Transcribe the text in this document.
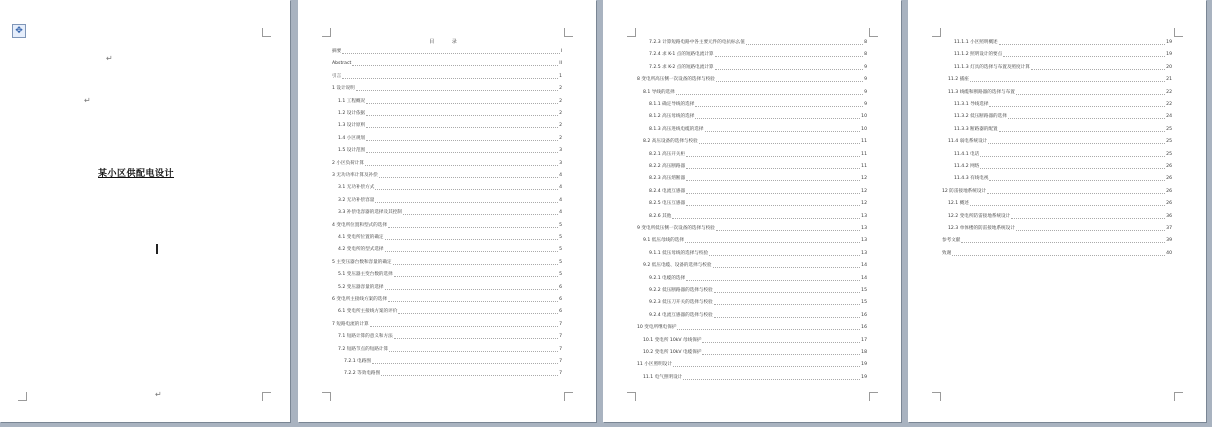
✥
↵
↵
↵
某小区供配电设计
目 录
摘要	I
Abstract	II
引言	1
1 设计说明	2
1.1 工程概况	2
1.2 设计依据	2
1.3 设计原则	2
1.4 小区规划	2
1.5 设计范围	3
2 小区负荷计算	3
3 无功功率计算及补偿	4
3.1 无功补偿方式	4
3.2 无功补偿容量	4
3.3 补偿电容器的选择及其控制	4
4 变电所位置和型式的选择	5
4.1 变电所位置的确定	5
4.2 变电所的型式选择	5
5 主变压器台数和容量的确定	5
5.1 变压器主变台数的选择	5
5.2 变压器容量的选择	6
6 变电所主接线方案的选择	6
6.1 变电所主接线方案的评价	6
7 短路电流的计算	7
7.1 短路计算的意义和方法	7
7.2 短路节点的短路计算	7
7.2.1 电路图	7
7.2.2 等效电路图	7
7.2.3 计算短路电路中各主要元件的电抗标幺值	8
7.2.4 求 K-1 点的短路电流计算	8
7.2.5 求 K-2 点的短路电流计算	9
8 变电所高压侧一次设备的选择与校验	9
8.1 导线的选择	9
8.1.1 确定导线的选择	9
8.1.2 高压母线的选择	10
8.1.3 高压进线电缆的选择	10
8.2 高压设备的选择与校验	11
8.2.1 高压开关柜	11
8.2.2 高压断路器	11
8.2.3 高压熔断器	12
8.2.4 电流互感器	12
8.2.5 电压互感器	12
8.2.6 其他	13
9 变电所低压侧一次设备的选择与校验	13
9.1 低压母线的选择	13
9.1.1 低压母线的选择与校验	13
9.2 低压电缆、设备的选择与校验	14
9.2.1 电缆的选择	14
9.2.2 低压断路器的选择与校验	15
9.2.3 低压刀开关的选择与校验	15
9.2.4 电流互感器的选择与校验	16
10 变电所继电保护	16
10.1 变电所 10kV 母线保护	17
10.2 变电所 10kV 电缆保护	18
11 小区照明设计	19
11.1 电气照明设计	19
11.1.1 小区照明概述	19
11.1.2 照明设计的要点	19
11.1.3 灯具的选择与布置及照度计算	20
11.2 插座	21
11.3 线缆和断路器的选择与布置	22
11.3.1 导线选择	22
11.3.2 低压断路器的选择	24
11.3.3 断路器的配置	25
11.4 弱电系统设计	25
11.4.1 电话	25
11.4.2 网络	26
11.4.3 有线电视	26
12 防雷接地系统设计	26
12.1 概述	26
12.2 变电所防雷接地系统设计	36
12.3 单体楼的防雷接地系统设计	37
参考文献	39
致谢	40
